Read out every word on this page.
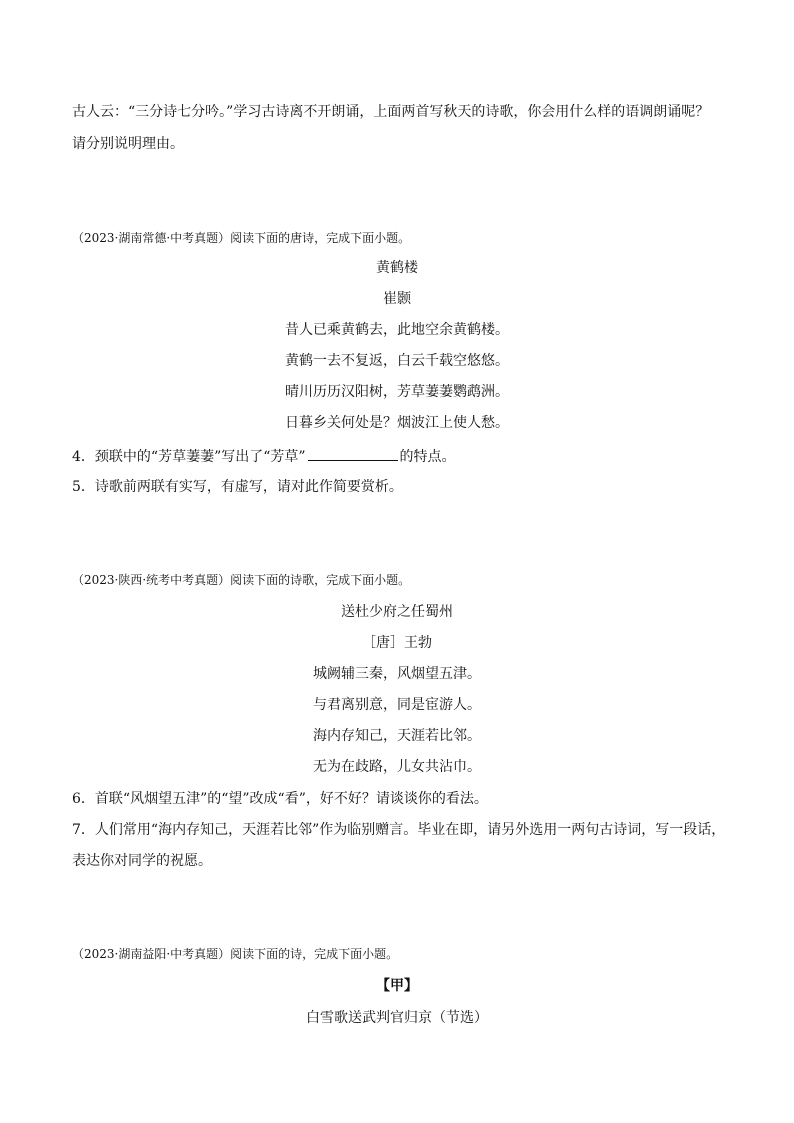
古人云：“三分诗七分吟。”学习古诗离不开朗诵，上面两首写秋天的诗歌，你会用什么样的语调朗诵呢？
请分别说明理由。
（2023·湖南常德·中考真题）阅读下面的唐诗，完成下面小题。
黄鹤楼
崔颢
昔人已乘黄鹤去，此地空余黄鹤楼。
黄鹤一去不复返，白云千载空悠悠。
晴川历历汉阳树，芳草萋萋鹦鹉洲。
日暮乡关何处是？烟波江上使人愁。
4．颈联中的“芳草萋萋”写出了“芳草”	的特点。
5．诗歌前两联有实写，有虚写，请对此作简要赏析。
（2023·陕西·统考中考真题）阅读下面的诗歌，完成下面小题。
送杜少府之任蜀州
［唐］王勃
城阙辅三秦，风烟望五津。
与君离别意，同是宦游人。
海内存知己，天涯若比邻。
无为在歧路，儿女共沾巾。
6．首联“风烟望五津”的“望”改成“看”，好不好？请谈谈你的看法。
7．人们常用“海内存知己，天涯若比邻”作为临别赠言。毕业在即，请另外选用一两句古诗词，写一段话，
表达你对同学的祝愿。
（2023·湖南益阳·中考真题）阅读下面的诗，完成下面小题。
【甲】
白雪歌送武判官归京（节选）
